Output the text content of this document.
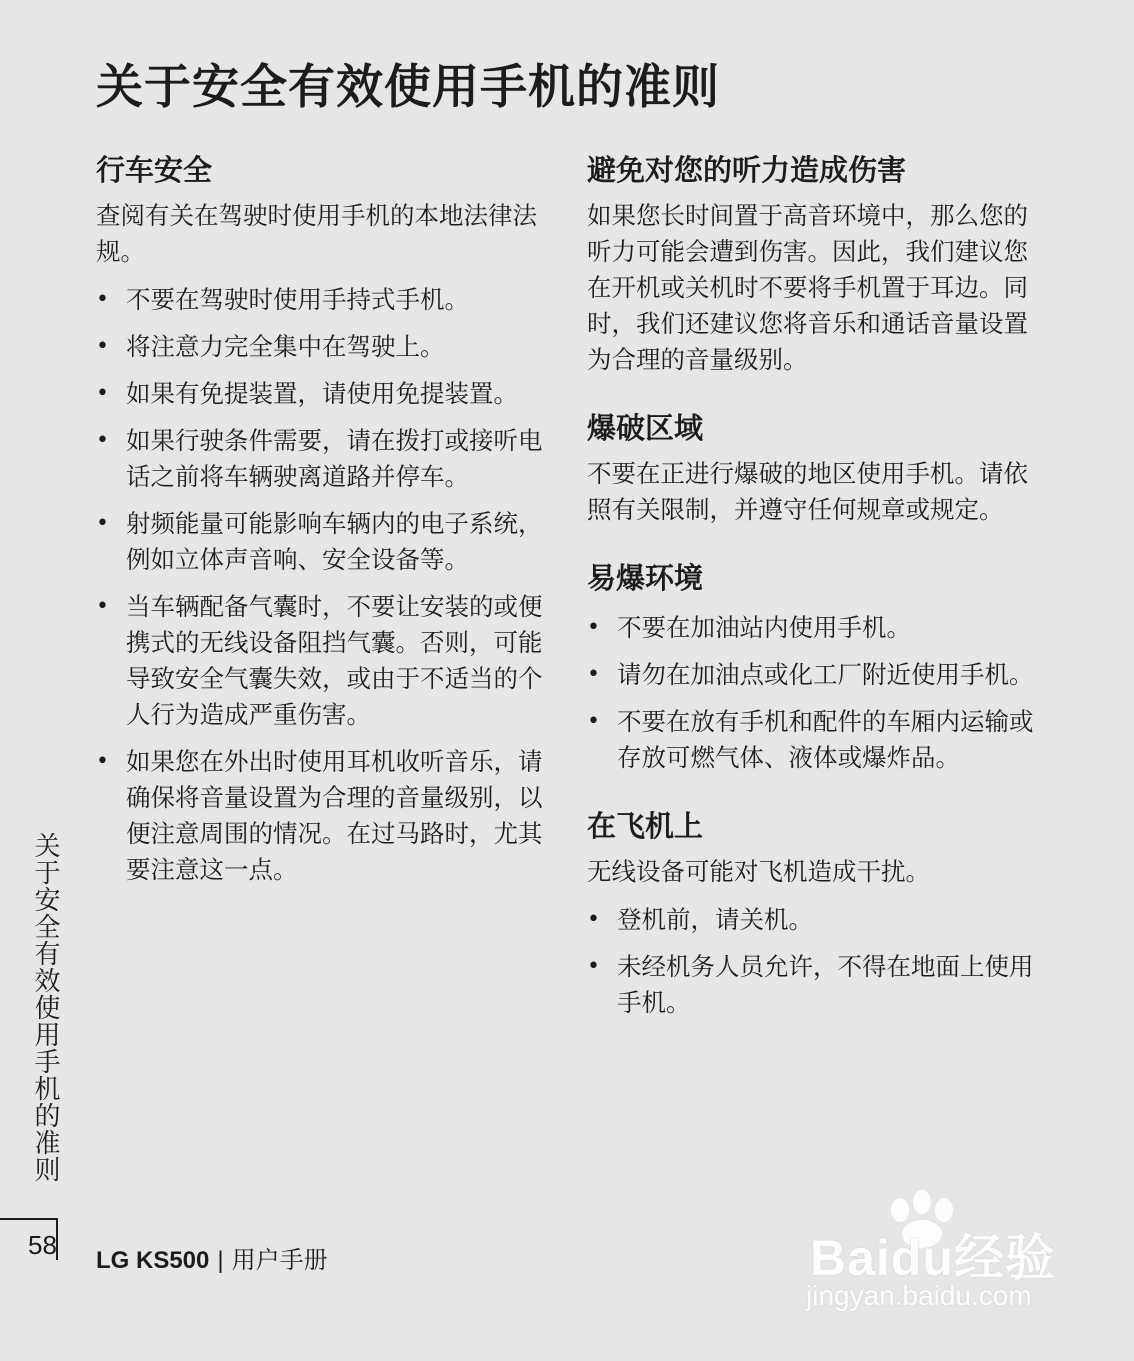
关于安全有效使用手机的准则
行车安全

查阅有关在驾驶时使用手机的本地法律法规。

• 不要在驾驶时使用手持式手机。
• 将注意力完全集中在驾驶上。
• 如果有免提装置，请使用免提装置。
• 如果行驶条件需要，请在拨打或接听电话之前将车辆驶离道路并停车。
• 射频能量可能影响车辆内的电子系统，例如立体声音响、安全设备等。
• 当车辆配备气囊时，不要让安装的或便携式的无线设备阻挡气囊。否则，可能导致安全气囊失效，或由于不适当的个人行为造成严重伤害。
• 如果您在外出时使用耳机收听音乐，请确保将音量设置为合理的音量级别，以便注意周围的情况。在过马路时，尤其要注意这一点。
避免对您的听力造成伤害

如果您长时间置于高音环境中，那么您的听力可能会遭到伤害。因此，我们建议您在开机或关机时不要将手机置于耳边。同时，我们还建议您将音乐和通话音量设置为合理的音量级别。

爆破区域

不要在正进行爆破的地区使用手机。请依照有关限制，并遵守任何规章或规定。

易爆环境
• 不要在加油站内使用手机。
• 请勿在加油点或化工厂附近使用手机。
• 不要在放有手机和配件的车厢内运输或存放可燃气体、液体或爆炸品。
在飞机上

无线设备可能对飞机造成干扰。

• 登机前，请关机。
• 未经机务人员允许，不得在地面上使用手机。
关于安全有效使用手机的准则
58
LG KS500 | 用户手册	Baidu经验
jingyan.baidu.com
